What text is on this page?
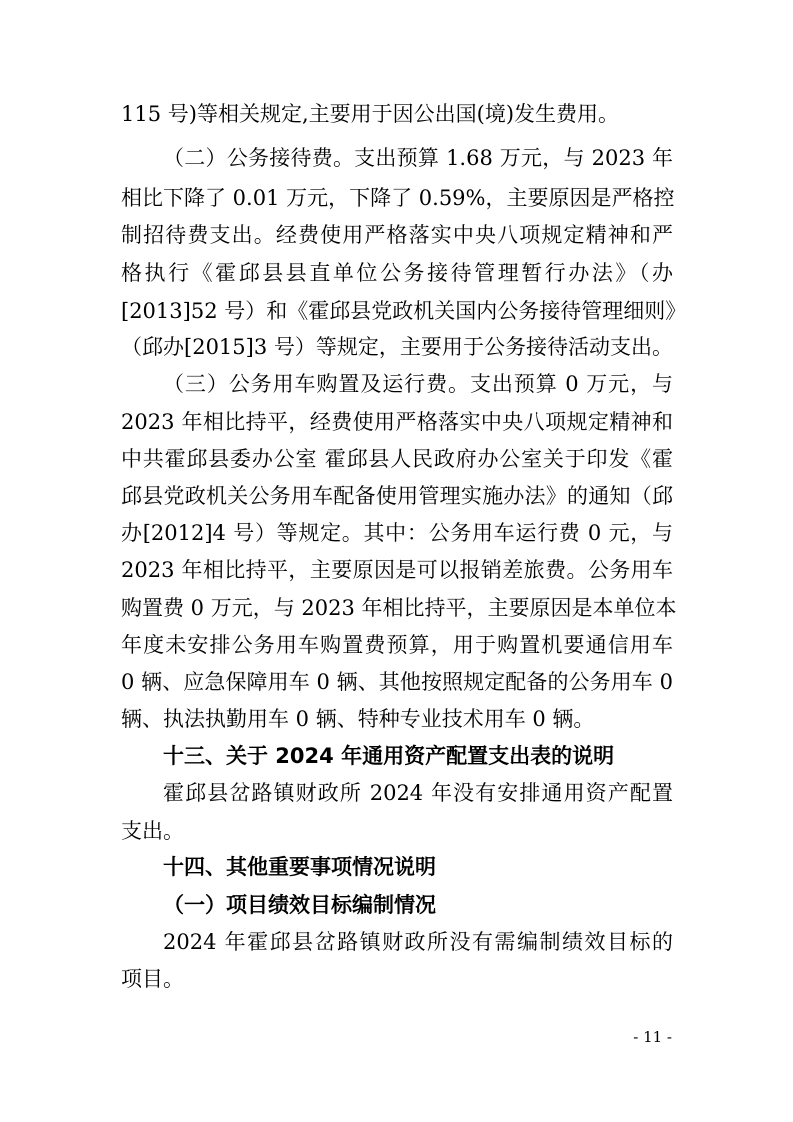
115 号)等相关规定,主要用于因公出国(境)发生费用。
（二）公务接待费。支出预算 1.68 万元，与 2023 年
相比下降了 0.01 万元，下降了 0.59%，主要原因是严格控
制招待费支出。经费使用严格落实中央八项规定精神和严
格执行《霍邱县县直单位公务接待管理暂行办法》（办
[2013]52 号）和《霍邱县党政机关国内公务接待管理细则》
（邱办[2015]3 号）等规定，主要用于公务接待活动支出。
（三）公务用车购置及运行费。支出预算 0 万元，与
2023 年相比持平，经费使用严格落实中央八项规定精神和
中共霍邱县委办公室 霍邱县人民政府办公室关于印发《霍
邱县党政机关公务用车配备使用管理实施办法》的通知（邱
办[2012]4 号）等规定。其中：公务用车运行费 0 元，与
2023 年相比持平，主要原因是可以报销差旅费。公务用车
购置费 0 万元，与 2023 年相比持平，主要原因是本单位本
年度未安排公务用车购置费预算，用于购置机要通信用车
0 辆、应急保障用车 0 辆、其他按照规定配备的公务用车 0
辆、执法执勤用车 0 辆、特种专业技术用车 0 辆。
十三、关于 2024 年通用资产配置支出表的说明
霍邱县岔路镇财政所 2024 年没有安排通用资产配置
支出。
十四、其他重要事项情况说明
（一）项目绩效目标编制情况
2024 年霍邱县岔路镇财政所没有需编制绩效目标的
项目。
- 11 -
